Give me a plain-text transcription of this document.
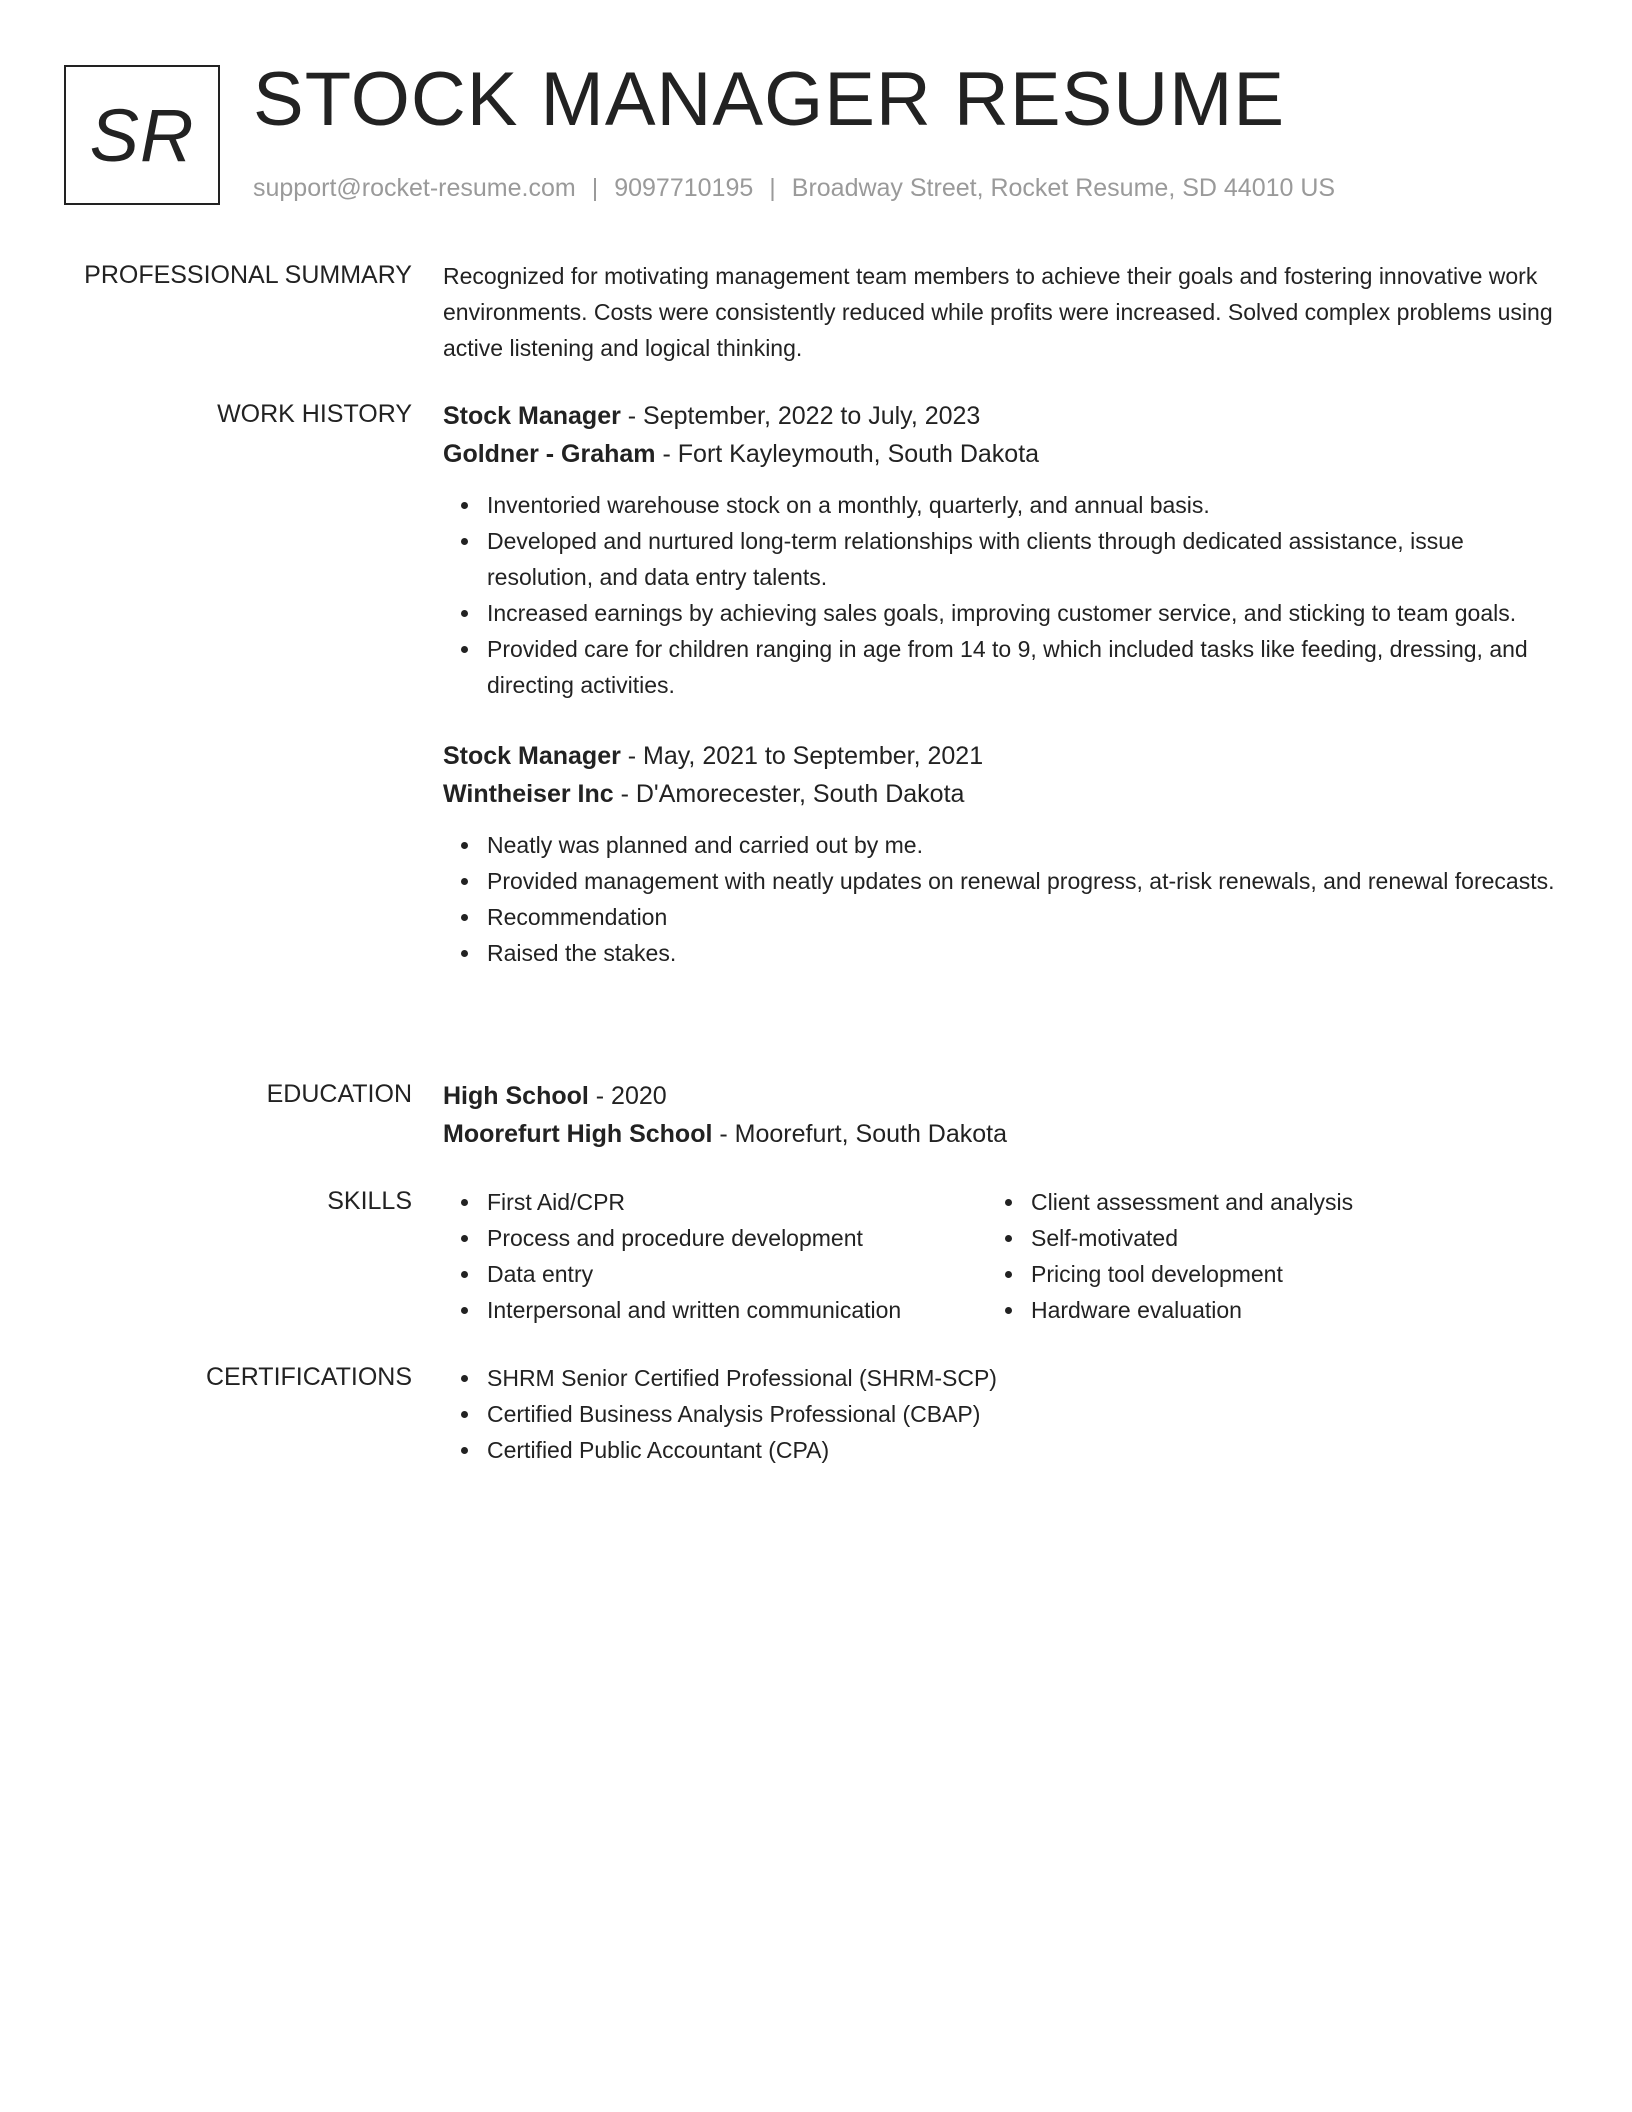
SR STOCK MANAGER RESUME
support@rocket-resume.com | 9097710195 | Broadway Street, Rocket Resume, SD 44010 US
PROFESSIONAL SUMMARY Recognized for motivating management team members to achieve their goals and fostering innovative work environments. Costs were consistently reduced while profits were increased. Solved complex problems using active listening and logical thinking.
WORK HISTORY Stock Manager - September, 2022 to July, 2023
Goldner - Graham - Fort Kayleymouth, South Dakota
Inventoried warehouse stock on a monthly, quarterly, and annual basis.
Developed and nurtured long-term relationships with clients through dedicated assistance, issue resolution, and data entry talents.
Increased earnings by achieving sales goals, improving customer service, and sticking to team goals.
Provided care for children ranging in age from 14 to 9, which included tasks like feeding, dressing, and directing activities.
Stock Manager - May, 2021 to September, 2021
Wintheiser Inc - D'Amorecester, South Dakota
Neatly was planned and carried out by me.
Provided management with neatly updates on renewal progress, at-risk renewals, and renewal forecasts.
Recommendation
Raised the stakes.
EDUCATION High School - 2020
Moorefurt High School - Moorefurt, South Dakota
SKILLS	First Aid/CPR
Process and procedure development
Data entry
Interpersonal and written communication
Client assessment and analysis
Self-motivated
Pricing tool development
Hardware evaluation
CERTIFICATIONS	SHRM Senior Certified Professional (SHRM-SCP)
Certified Business Analysis Professional (CBAP)
Certified Public Accountant (CPA)
